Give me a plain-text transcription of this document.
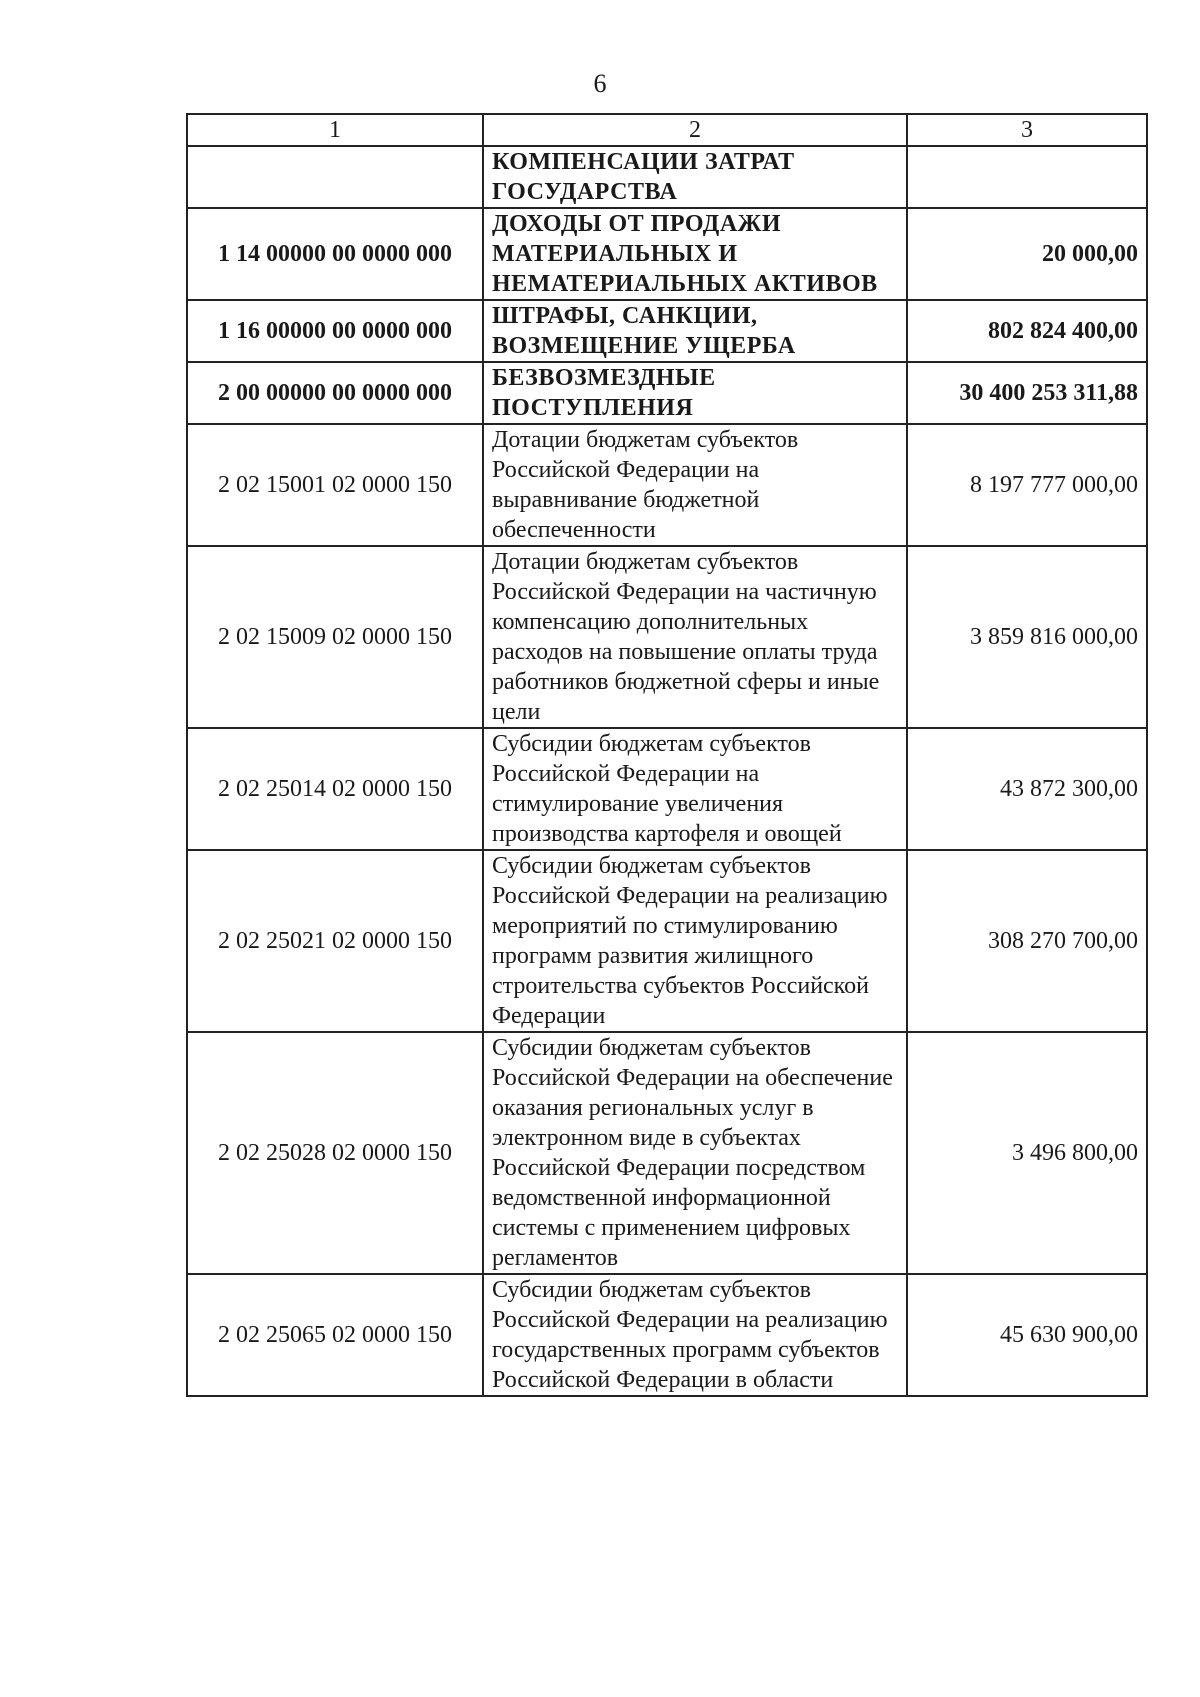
6
1	2	3
	КОМПЕНСАЦИИ ЗАТРАТ ГОСУДАРСТВА	
1 14 00000 00 0000 000	ДОХОДЫ ОТ ПРОДАЖИ МАТЕРИАЛЬНЫХ И НЕМАТЕРИАЛЬНЫХ АКТИВОВ	20 000,00
1 16 00000 00 0000 000	ШТРАФЫ, САНКЦИИ, ВОЗМЕЩЕНИЕ УЩЕРБА	802 824 400,00
2 00 00000 00 0000 000	БЕЗВОЗМЕЗДНЫЕ ПОСТУПЛЕНИЯ	30 400 253 311,88
2 02 15001 02 0000 150	Дотации бюджетам субъектов Российской Федерации на выравнивание бюджетной обеспеченности	8 197 777 000,00
2 02 15009 02 0000 150	Дотации бюджетам субъектов Российской Федерации на частичную компенсацию дополнительных расходов на повышение оплаты труда работников бюджетной сферы и иные цели	3 859 816 000,00
2 02 25014 02 0000 150	Субсидии бюджетам субъектов Российской Федерации на стимулирование увеличения производства картофеля и овощей	43 872 300,00
2 02 25021 02 0000 150	Субсидии бюджетам субъектов Российской Федерации на реализацию мероприятий по стимулированию программ развития жилищного строительства субъектов Российской Федерации	308 270 700,00
2 02 25028 02 0000 150	Субсидии бюджетам субъектов Российской Федерации на обеспечение оказания региональных услуг в электронном виде в субъектах Российской Федерации посредством ведомственной информационной системы с применением цифровых регламентов	3 496 800,00
2 02 25065 02 0000 150	Субсидии бюджетам субъектов Российской Федерации на реализацию государственных программ субъектов Российской Федерации в области	45 630 900,00
